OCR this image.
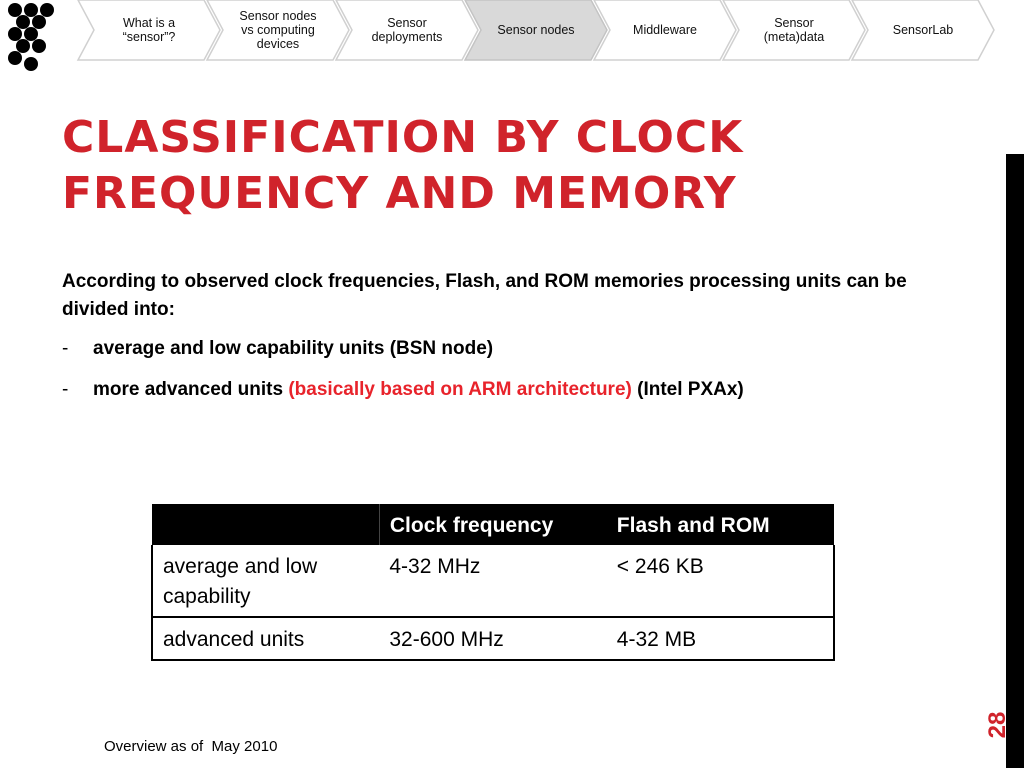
What is a
“sensor”?
Sensor nodes
vs computing
devices
Sensor
deployments	Sensor nodes	Middleware	Sensor
(meta)data	SensorLab
CLASSIFICATION BY CLOCK FREQUENCY AND MEMORY

According to observed clock frequencies, Flash, and ROM memories processing units can be divided into:

- average and low capability units (BSN node)
- more advanced units (basically based on ARM architecture) (Intel PXAx)
	Clock frequency	Flash and ROM
average and low capability	4-32 MHz	< 246 KB
advanced units	32-600 MHz	4-32 MB
Overview as of  May 2010
28
